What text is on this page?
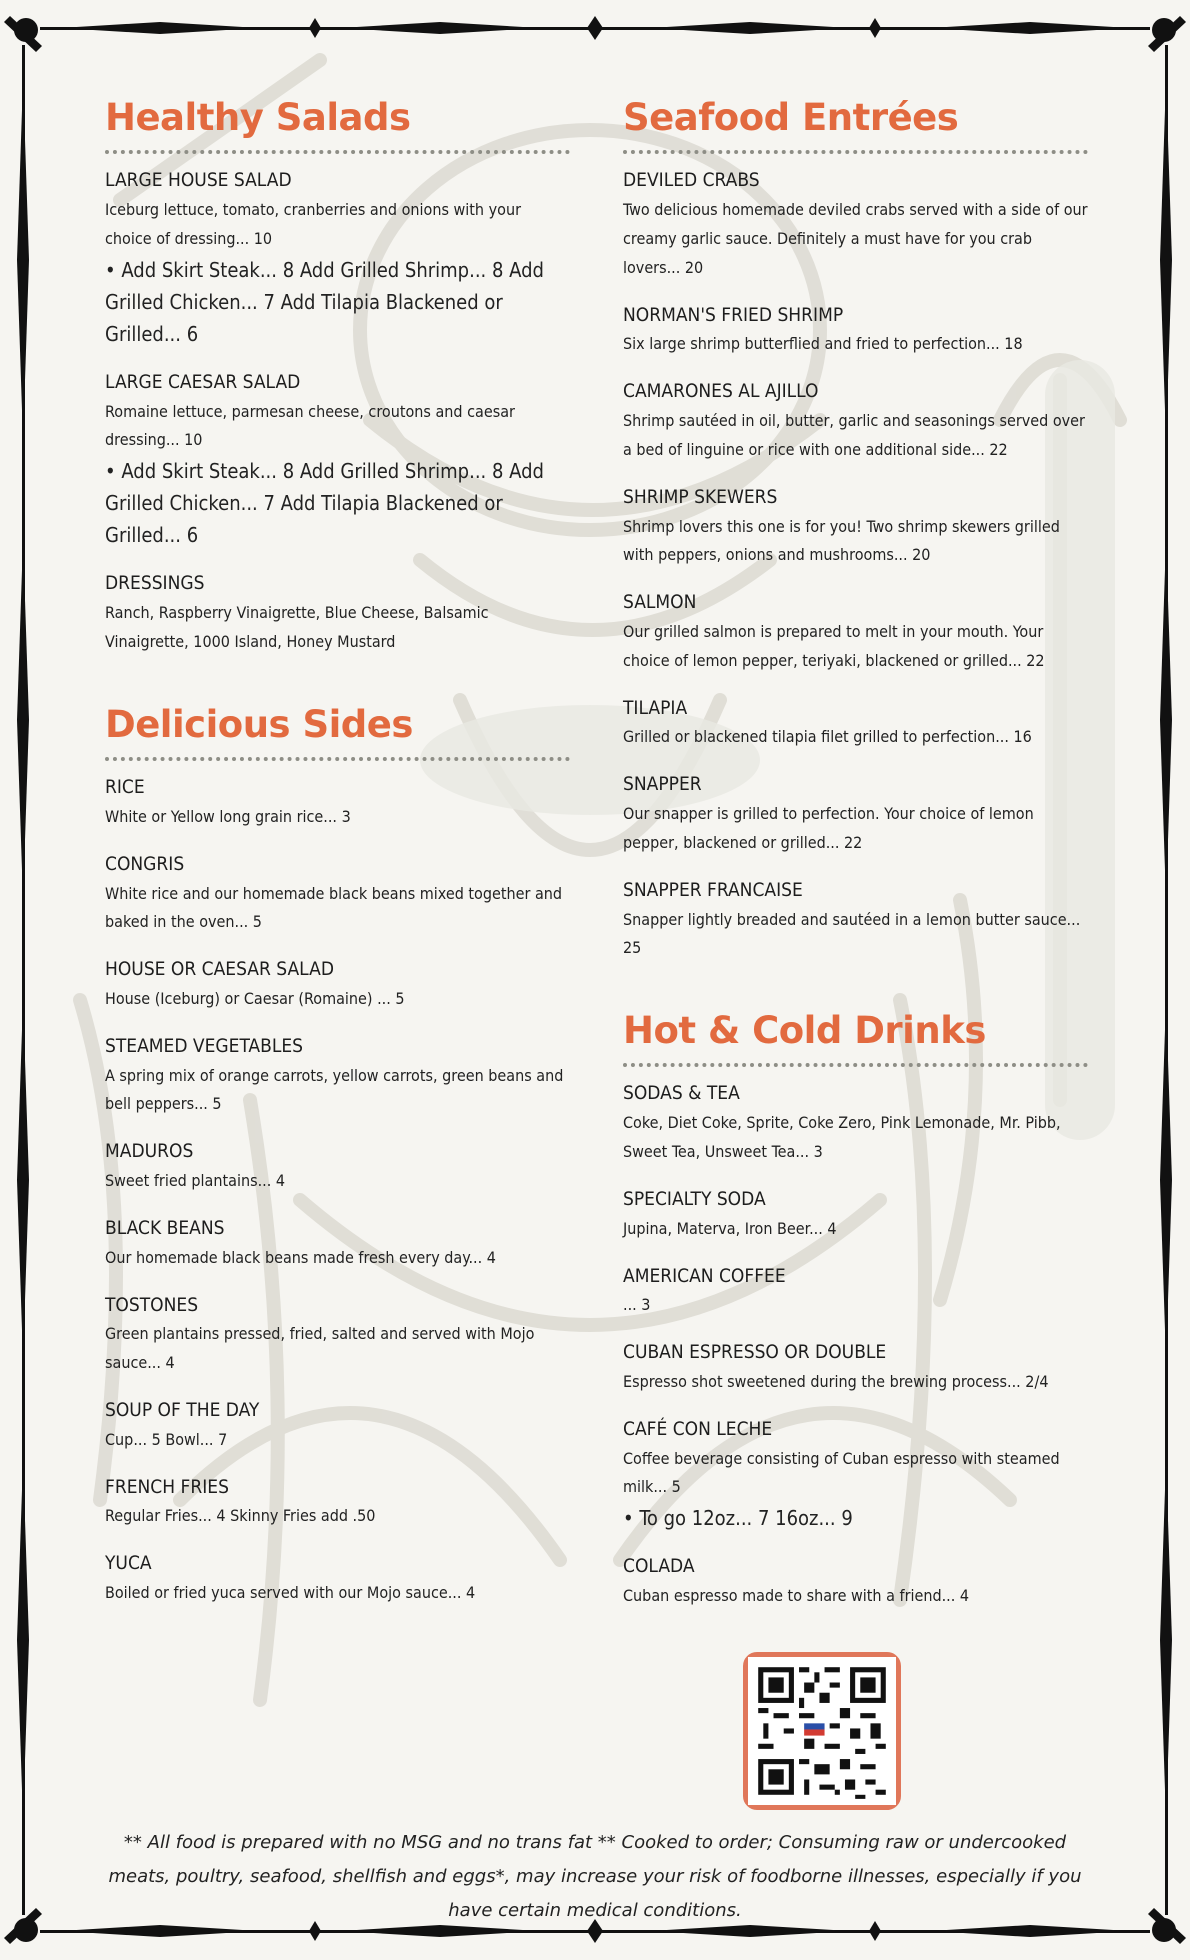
Healthy Salads
LARGE HOUSE SALAD
Iceburg lettuce, tomato, cranberries and onions with your choice of dressing... 10
• Add Skirt Steak... 8 Add Grilled Shrimp... 8 Add Grilled Chicken... 7 Add Tilapia Blackened or Grilled... 6
LARGE CAESAR SALAD
Romaine lettuce, parmesan cheese, croutons and caesar dressing... 10
• Add Skirt Steak... 8 Add Grilled Shrimp... 8 Add Grilled Chicken... 7 Add Tilapia Blackened or Grilled... 6
DRESSINGS
Ranch, Raspberry Vinaigrette, Blue Cheese, Balsamic Vinaigrette, 1000 Island, Honey Mustard
Delicious Sides
RICE
White or Yellow long grain rice... 3
CONGRIS
White rice and our homemade black beans mixed together and baked in the oven... 5
HOUSE OR CAESAR SALAD
House (Iceburg) or Caesar (Romaine) ... 5
STEAMED VEGETABLES
A spring mix of orange carrots, yellow carrots, green beans and bell peppers... 5
MADUROS
Sweet fried plantains... 4
BLACK BEANS
Our homemade black beans made fresh every day... 4
TOSTONES
Green plantains pressed, fried, salted and served with Mojo sauce... 4
SOUP OF THE DAY
Cup... 5 Bowl... 7
FRENCH FRIES
Regular Fries... 4 Skinny Fries add .50
YUCA
Boiled or fried yuca served with our Mojo sauce... 4
Seafood Entrées
DEVILED CRABS
Two delicious homemade deviled crabs served with a side of our creamy garlic sauce. Definitely a must have for you crab lovers... 20
NORMAN'S FRIED SHRIMP
Six large shrimp butterflied and fried to perfection... 18
CAMARONES AL AJILLO
Shrimp sautéed in oil, butter, garlic and seasonings served over a bed of linguine or rice with one additional side... 22
SHRIMP SKEWERS
Shrimp lovers this one is for you! Two shrimp skewers grilled with peppers, onions and mushrooms... 20
SALMON
Our grilled salmon is prepared to melt in your mouth. Your choice of lemon pepper, teriyaki, blackened or grilled... 22
TILAPIA
Grilled or blackened tilapia filet grilled to perfection... 16
SNAPPER
Our snapper is grilled to perfection. Your choice of lemon pepper, blackened or grilled... 22
SNAPPER FRANCAISE
Snapper lightly breaded and sautéed in a lemon butter sauce... 25
Hot & Cold Drinks
SODAS & TEA
Coke, Diet Coke, Sprite, Coke Zero, Pink Lemonade, Mr. Pibb, Sweet Tea, Unsweet Tea... 3
SPECIALTY SODA
Jupina, Materva, Iron Beer... 4
AMERICAN COFFEE
... 3
CUBAN ESPRESSO OR DOUBLE
Espresso shot sweetened during the brewing process... 2/4
CAFÉ CON LECHE
Coffee beverage consisting of Cuban espresso with steamed milk... 5
• To go 12oz... 7 16oz... 9
COLADA
Cuban espresso made to share with a friend... 4
** All food is prepared with no MSG and no trans fat ** Cooked to order; Consuming raw or undercooked meats, poultry, seafood, shellfish and eggs*, may increase your risk of foodborne illnesses, especially if you have certain medical conditions.
